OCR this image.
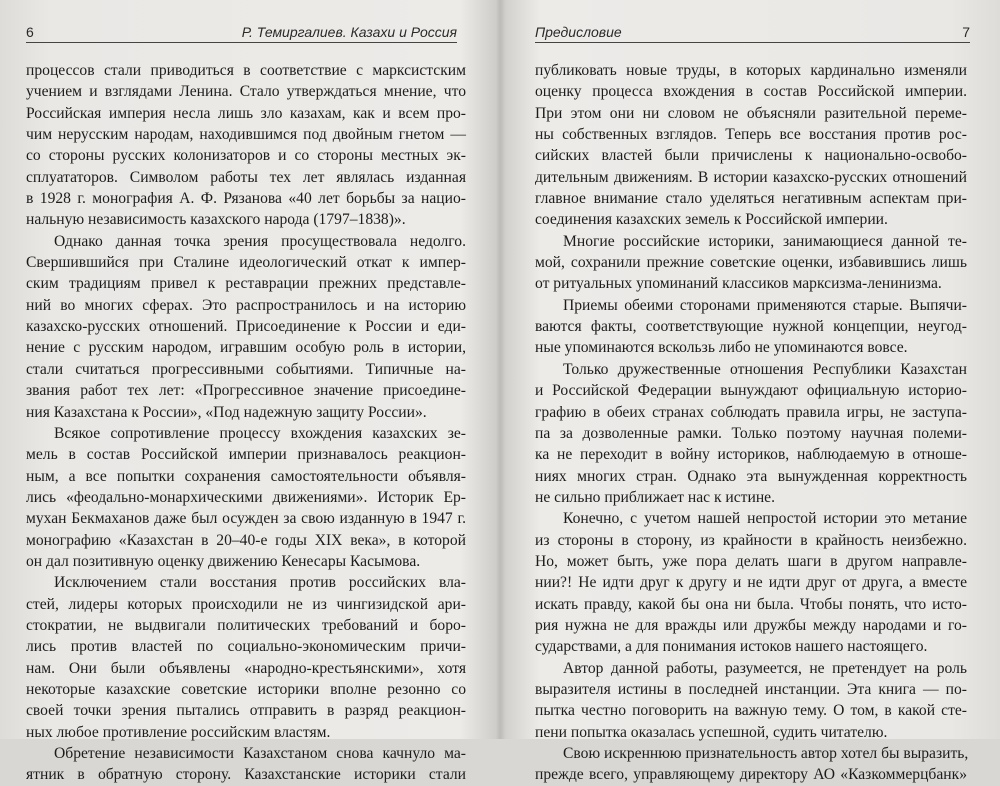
6	Р. Темиргалиев. Казахи и Россия
процессов стали приводиться в соответствие с марксистским
учением и взглядами Ленина. Стало утверждаться мнение, что
Российская империя несла лишь зло казахам, как и всем про-
чим нерусским народам, находившимся под двойным гнетом —
со стороны русских колонизаторов и со стороны местных эк-
сплуататоров. Символом работы тех лет являлась изданная
в 1928 г. монография А. Ф. Рязанова «40 лет борьбы за нацио-
нальную независимость казахского народа (1797–1838)».
Однако данная точка зрения просуществовала недолго.
Свершившийся при Сталине идеологический откат к импер-
ским традициям привел к реставрации прежних представле-
ний во многих сферах. Это распространилось и на историю
казахско-русских отношений. Присоединение к России и еди-
нение с русским народом, игравшим особую роль в истории,
стали считаться прогрессивными событиями. Типичные на-
звания работ тех лет: «Прогрессивное значение присоедине-
ния Казахстана к России», «Под надежную защиту России».
Всякое сопротивление процессу вхождения казахских зе-
мель в состав Российской империи признавалось реакцион-
ным, а все попытки сохранения самостоятельности объявля-
лись «феодально-монархическими движениями». Историк Ер-
мухан Бекмаханов даже был осужден за свою изданную в 1947 г.
монографию «Казахстан в 20–40-е годы XIX века», в которой
он дал позитивную оценку движению Кенесары Касымова.
Исключением стали восстания против российских вла-
стей, лидеры которых происходили не из чингизидской ари-
стократии, не выдвигали политических требований и боро-
лись против властей по социально-экономическим причи-
нам. Они были объявлены «народно-крестьянскими», хотя
некоторые казахские советские историки вполне резонно со
своей точки зрения пытались отправить в разряд реакцион-
ных любое противление российским властям.
Обретение независимости Казахстаном снова качнуло ма-
ятник в обратную сторону. Казахстанские историки стали
Предисловие	7
публиковать новые труды, в которых кардинально изменяли
оценку процесса вхождения в состав Российской империи.
При этом они ни словом не объясняли разительной переме-
ны собственных взглядов. Теперь все восстания против рос-
сийских властей были причислены к национально-освобо-
дительным движениям. В истории казахско-русских отношений
главное внимание стало уделяться негативным аспектам при-
соединения казахских земель к Российской империи.
Многие российские историки, занимающиеся данной те-
мой, сохранили прежние советские оценки, избавившись лишь
от ритуальных упоминаний классиков марксизма-ленинизма.
Приемы обеими сторонами применяются старые. Выпячи-
ваются факты, соответствующие нужной концепции, неугод-
ные упоминаются вскользь либо не упоминаются вовсе.
Только дружественные отношения Республики Казахстан
и Российской Федерации вынуждают официальную историо-
графию в обеих странах соблюдать правила игры, не заступа-
па за дозволенные рамки. Только поэтому научная полеми-
ка не переходит в войну историков, наблюдаемую в отноше-
ниях многих стран. Однако эта вынужденная корректность
не сильно приближает нас к истине.
Конечно, с учетом нашей непростой истории это метание
из стороны в сторону, из крайности в крайность неизбежно.
Но, может быть, уже пора делать шаги в другом направле-
нии?! Не идти друг к другу и не идти друг от друга, а вместе
искать правду, какой бы она ни была. Чтобы понять, что исто-
рия нужна не для вражды или дружбы между народами и го-
сударствами, а для понимания истоков нашего настоящего.
Автор данной работы, разумеется, не претендует на роль
выразителя истины в последней инстанции. Эта книга — по-
пытка честно поговорить на важную тему. О том, в какой сте-
пени попытка оказалась успешной, судить читателю.
Свою искреннюю признательность автор хотел бы выразить,
прежде всего, управляющему директору АО «Казкоммерцбанк»
